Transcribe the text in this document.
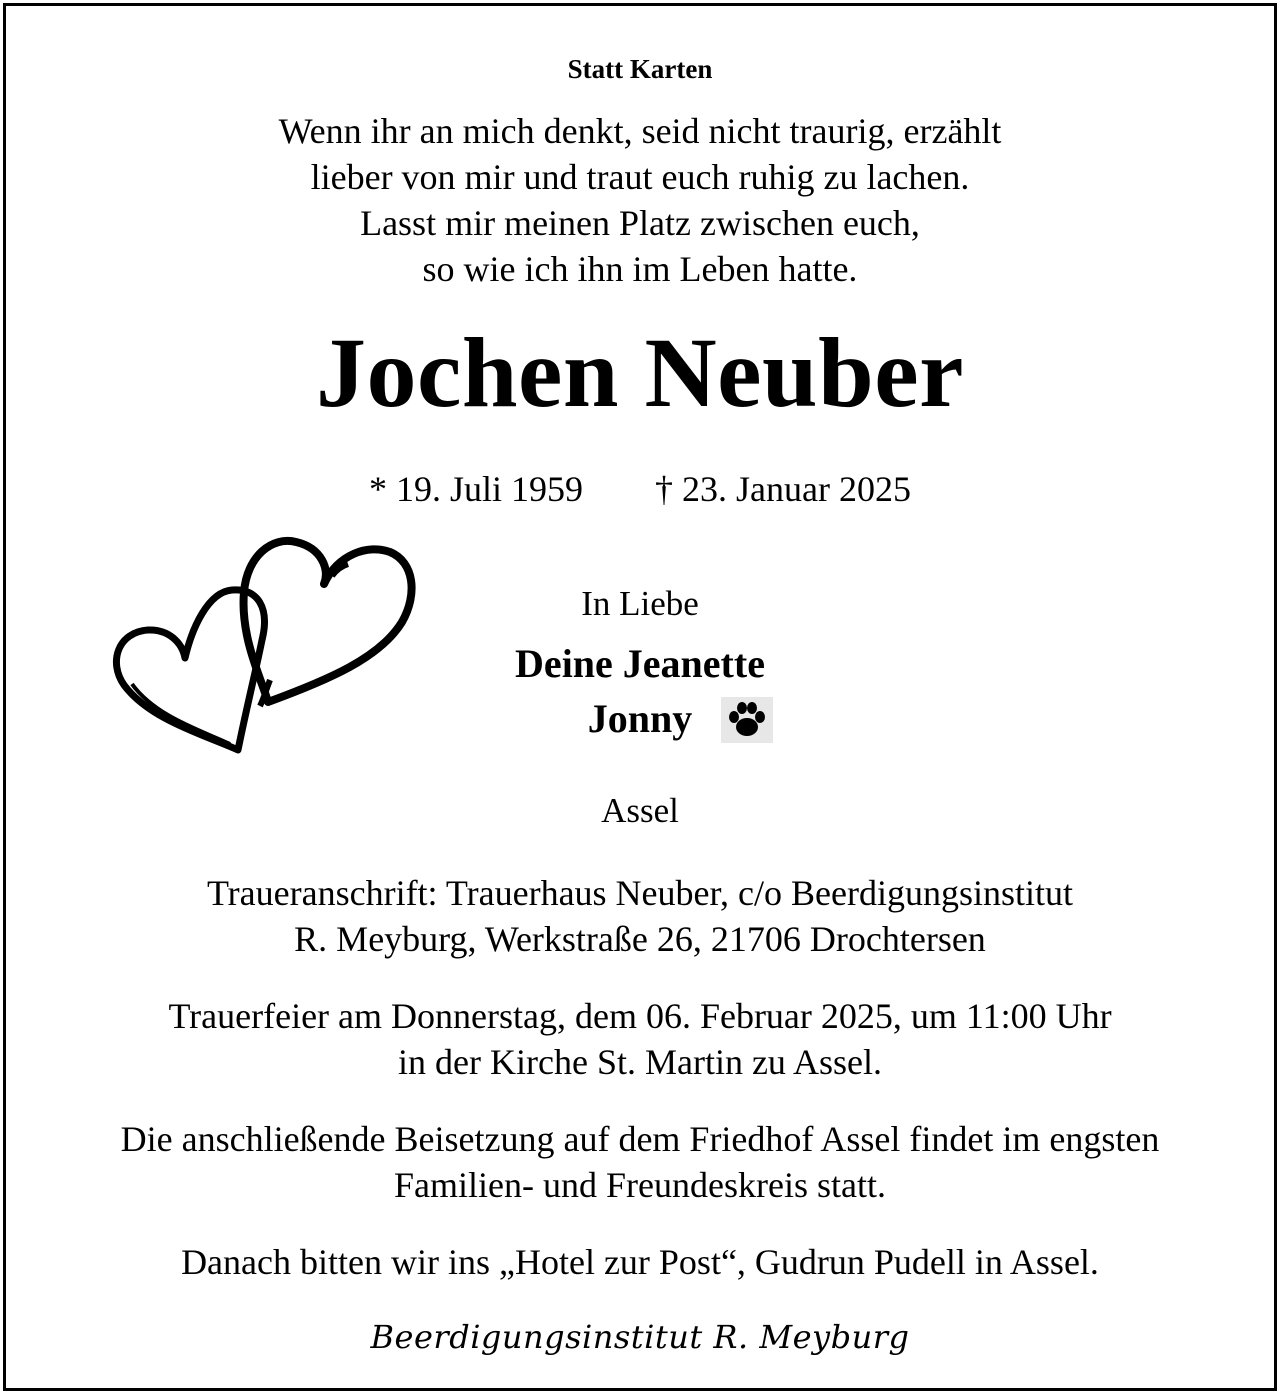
Statt Karten

Wenn ihr an mich denkt, seid nicht traurig, erzählt

lieber von mir und traut euch ruhig zu lachen.

Lasst mir meinen Platz zwischen euch,

so wie ich ihn im Leben hatte.

Jochen Neuber

* 19. Juli 1959 † 23. Januar 2025

In Liebe

Deine Jeanette

Jonny

Assel

Traueranschrift: Trauerhaus Neuber, c/o Beerdigungsinstitut

R. Meyburg, Werkstraße 26, 21706 Drochtersen

Trauerfeier am Donnerstag, dem 06. Februar 2025, um 11:00 Uhr

in der Kirche St. Martin zu Assel.

Die anschließende Beisetzung auf dem Friedhof Assel findet im engsten

Familien- und Freundeskreis statt.

Danach bitten wir ins „Hotel zur Post“, Gudrun Pudell in Assel.

Beerdigungsinstitut R. Meyburg
